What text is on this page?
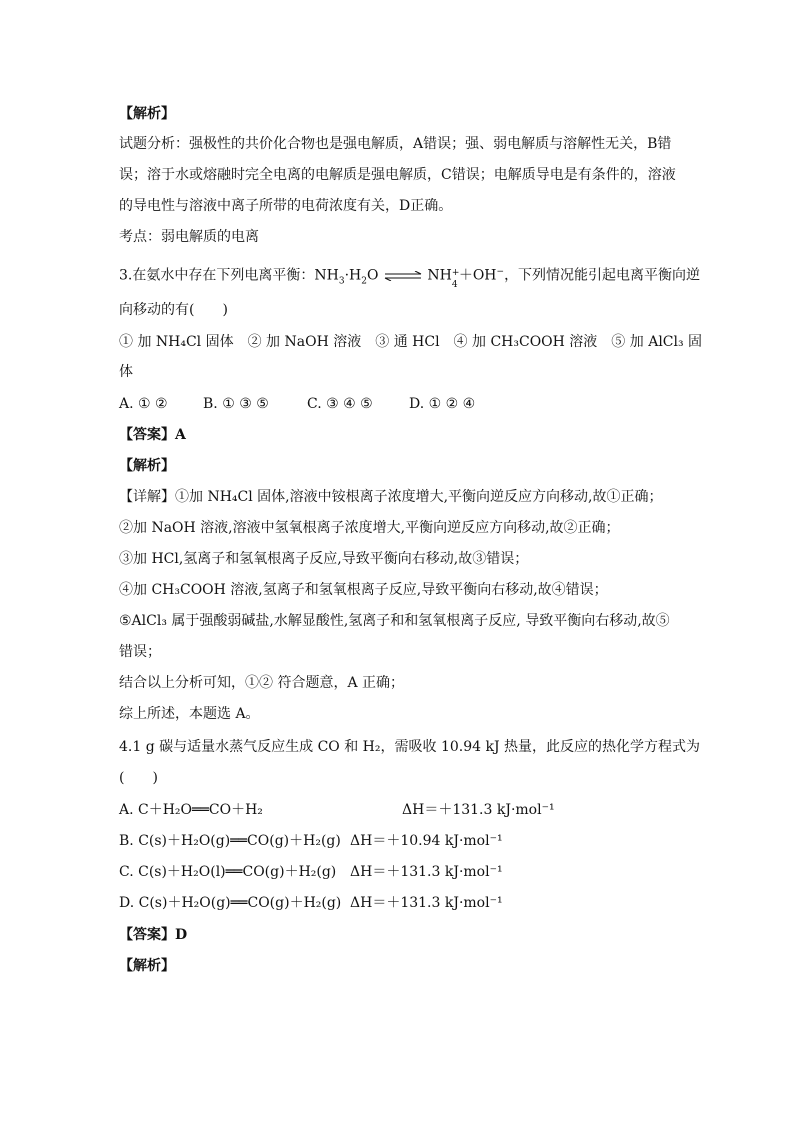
【解析】
试题分析：强极性的共价化合物也是强电解质，A错误；强、弱电解质与溶解性无关，B错
误；溶于水或熔融时完全电离的电解质是强电解质，C错误；电解质导电是有条件的，溶液
的导电性与溶液中离子所带的电荷浓度有关，D正确。
考点：弱电解质的电离
3.在氨水中存在下列电离平衡：$NH_3\cdot H_2O$ ⇌ NH +
4
＋OH−，下列情况能引起电离平衡向逆
向移动的有(　　)
① 加 NH₄Cl 固体　② 加 NaOH 溶液　③ 通 HCl　④ 加 CH₃COOH 溶液　⑤ 加 AlCl₃ 固
体
A. ① ②	B. ① ③ ⑤	C. ③ ④ ⑤	D. ① ② ④
【答案】A
【解析】
【详解】①加 NH₄Cl 固体,溶液中铵根离子浓度增大,平衡向逆反应方向移动,故①正确；
②加 NaOH 溶液,溶液中氢氧根离子浓度增大,平衡向逆反应方向移动,故②正确；
③加 HCl,氢离子和氢氧根离子反应,导致平衡向右移动,故③错误；
④加 CH₃COOH 溶液,氢离子和氢氧根离子反应,导致平衡向右移动,故④错误；
⑤AlCl₃ 属于强酸弱碱盐,水解显酸性,氢离子和和氢氧根离子反应, 导致平衡向右移动,故⑤
错误；
结合以上分析可知，①② 符合题意，A 正确；
综上所述，本题选 A。
4.1 g 碳与适量水蒸气反应生成 CO 和 H₂，需吸收 10.94 kJ 热量，此反应的热化学方程式为
(　　)
A. C＋H₂O══CO＋H₂	ΔH＝＋131.3 kJ·mol⁻¹
B. C(s)＋H₂O(g)══CO(g)＋H₂(g) ΔH＝＋10.94 kJ·mol⁻¹
C. C(s)＋H₂O(l)══CO(g)＋H₂(g) ΔH＝＋131.3 kJ·mol⁻¹
D. C(s)＋H₂O(g)══CO(g)＋H₂(g) ΔH＝＋131.3 kJ·mol⁻¹
【答案】D
【解析】
